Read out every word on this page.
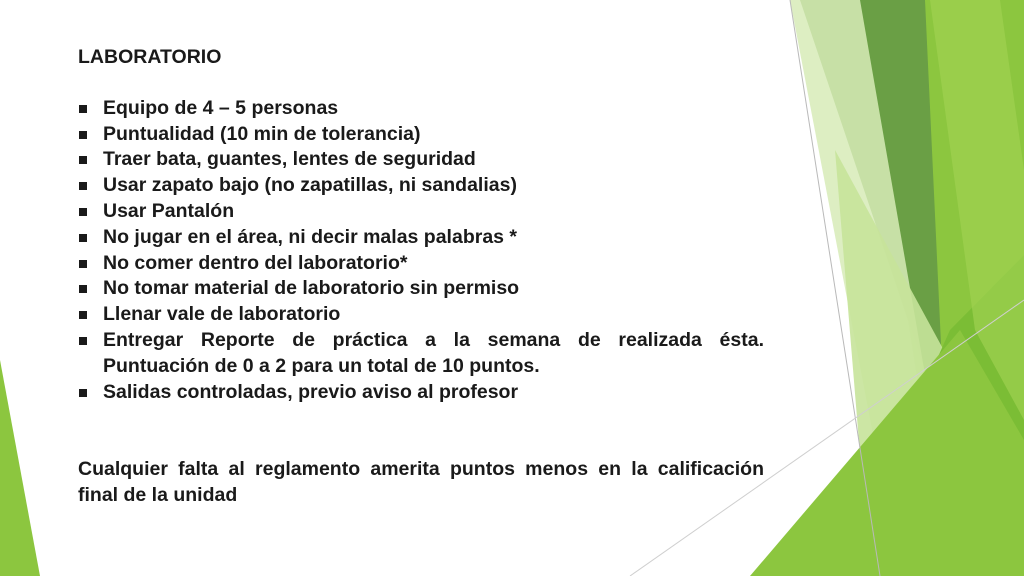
LABORATORIO

Equipo de 4 – 5 personas
Puntualidad (10 min de tolerancia)
Traer bata, guantes, lentes de seguridad
Usar zapato bajo (no zapatillas, ni sandalias)
Usar Pantalón
No jugar en el área, ni decir malas palabras *
No comer dentro del laboratorio*
No tomar material de laboratorio sin permiso
Llenar vale de laboratorio
Entregar Reporte de práctica a la semana de realizada ésta. Puntuación de 0 a 2 para un total de 10 puntos.
Salidas controladas, previo aviso al profesor

Cualquier falta al reglamento amerita puntos menos en la calificación final de la unidad
